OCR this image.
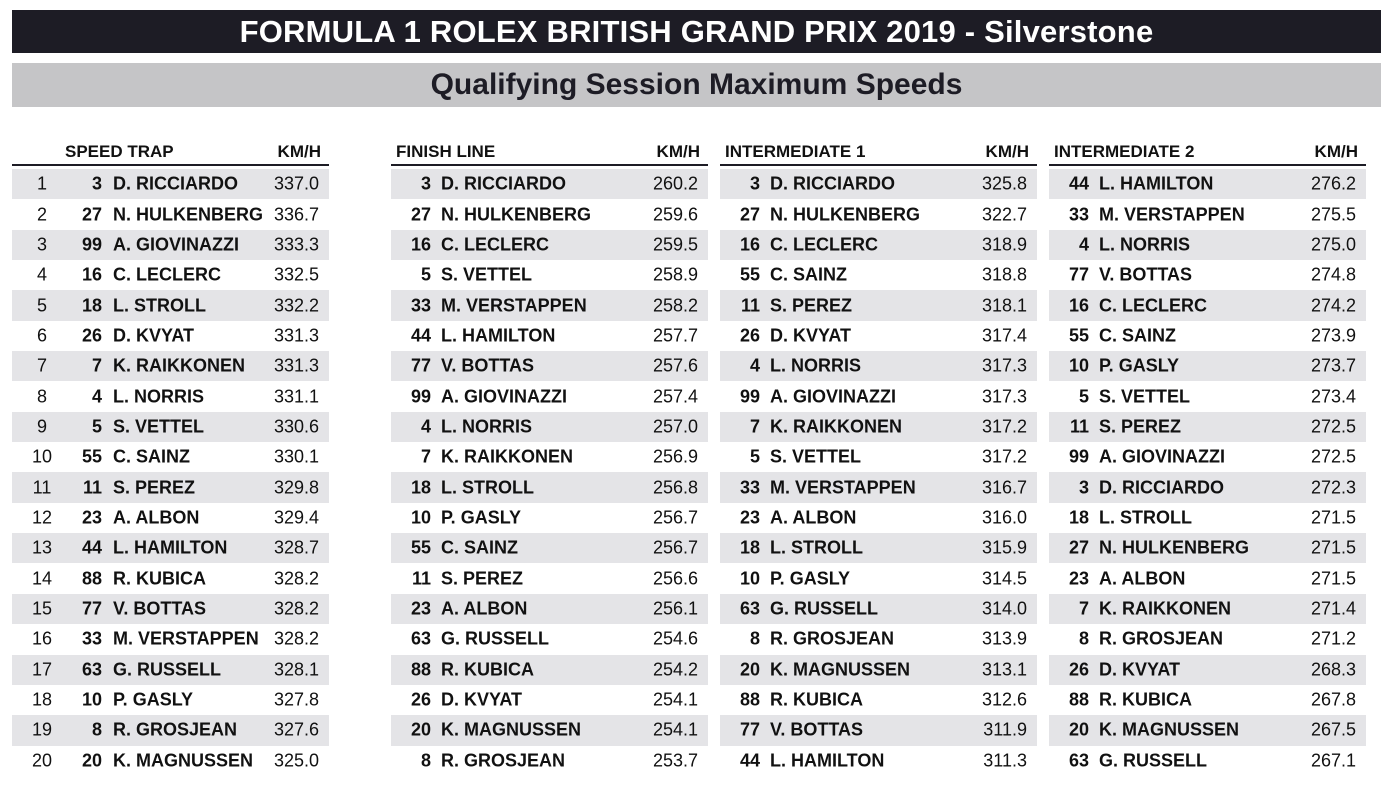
FORMULA 1 ROLEX BRITISH GRAND PRIX 2019 - Silverstone
Qualifying Session Maximum Speeds
SPEED TRAP	KM/H
1	3 D. RICCIARDO 337.0
2	27 N. HULKENBERG 336.7
3	99 A. GIOVINAZZI 333.3
4	16 C. LECLERC	332.5
5	18 L. STROLL	332.2
6	26 D. KVYAT	331.3
7	7 K. RAIKKONEN 331.3
8	4 L. NORRIS	331.1
9	5 S. VETTEL	330.6
10	55 C. SAINZ	330.1
11	11 S. PEREZ	329.8
12	23 A. ALBON	329.4
13	44 L. HAMILTON	328.7
14	88 R. KUBICA	328.2
15	77 V. BOTTAS	328.2
16	33 M. VERSTAPPEN 328.2
17	63 G. RUSSELL	328.1
18	10 P. GASLY	327.8
19	8 R. GROSJEAN 327.6
20	20 K. MAGNUSSEN 325.0
FINISH LINE	KM/H
3 D. RICCIARDO	260.2
27 N. HULKENBERG	259.6
16 C. LECLERC	259.5
5 S. VETTEL	258.9
33 M. VERSTAPPEN	258.2
44 L. HAMILTON	257.7
77 V. BOTTAS	257.6
99 A. GIOVINAZZI	257.4
4 L. NORRIS	257.0
7 K. RAIKKONEN	256.9
18 L. STROLL	256.8
10 P. GASLY	256.7
55 C. SAINZ	256.7
11 S. PEREZ	256.6
23 A. ALBON	256.1
63 G. RUSSELL	254.6
88 R. KUBICA	254.2
26 D. KVYAT	254.1
20 K. MAGNUSSEN	254.1
8 R. GROSJEAN	253.7
INTERMEDIATE 1	KM/H
3 D. RICCIARDO	325.8
27 N. HULKENBERG	322.7
16 C. LECLERC	318.9
55 C. SAINZ	318.8
11 S. PEREZ	318.1
26 D. KVYAT	317.4
4 L. NORRIS	317.3
99 A. GIOVINAZZI	317.3
7 K. RAIKKONEN	317.2
5 S. VETTEL	317.2
33 M. VERSTAPPEN	316.7
23 A. ALBON	316.0
18 L. STROLL	315.9
10 P. GASLY	314.5
63 G. RUSSELL	314.0
8 R. GROSJEAN	313.9
20 K. MAGNUSSEN	313.1
88 R. KUBICA	312.6
77 V. BOTTAS	311.9
44 L. HAMILTON	311.3
INTERMEDIATE 2	KM/H
44 L. HAMILTON	276.2
33 M. VERSTAPPEN	275.5
4 L. NORRIS	275.0
77 V. BOTTAS	274.8
16 C. LECLERC	274.2
55 C. SAINZ	273.9
10 P. GASLY	273.7
5 S. VETTEL	273.4
11 S. PEREZ	272.5
99 A. GIOVINAZZI	272.5
3 D. RICCIARDO	272.3
18 L. STROLL	271.5
27 N. HULKENBERG	271.5
23 A. ALBON	271.5
7 K. RAIKKONEN	271.4
8 R. GROSJEAN	271.2
26 D. KVYAT	268.3
88 R. KUBICA	267.8
20 K. MAGNUSSEN	267.5
63 G. RUSSELL	267.1
